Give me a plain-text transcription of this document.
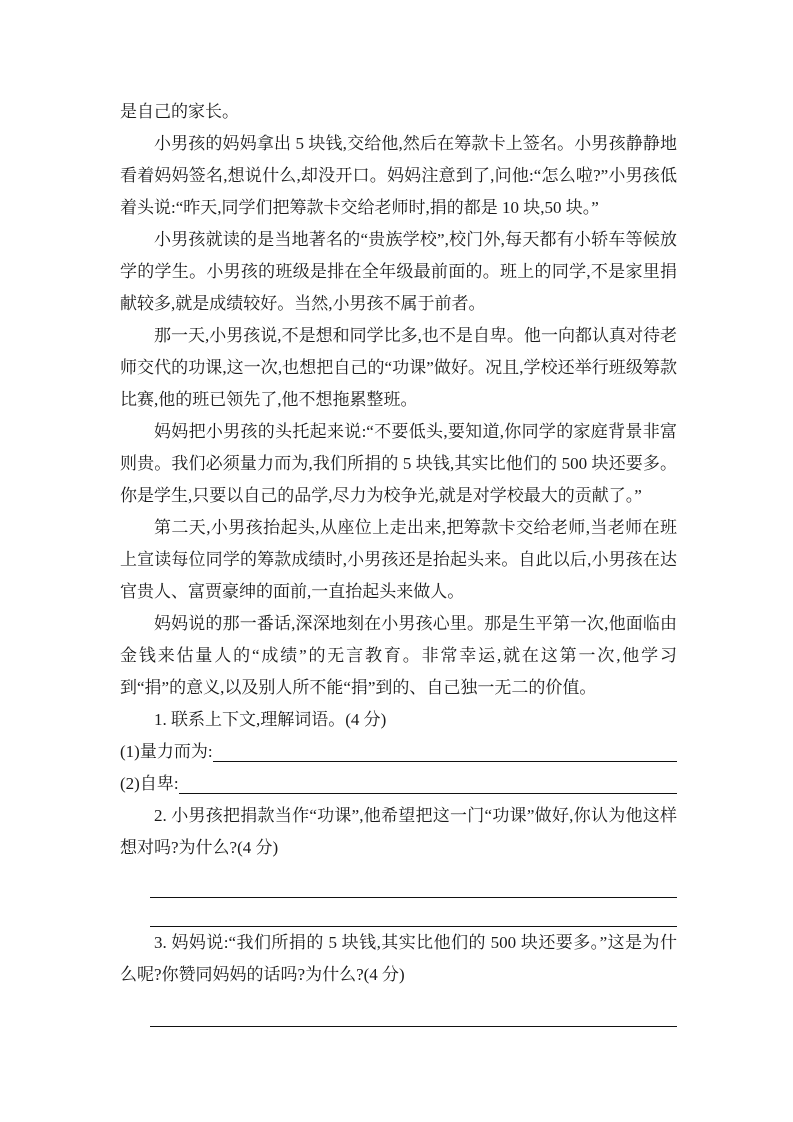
是自己的家长。

小男孩的妈妈拿出 5 块钱,交给他,然后在筹款卡上签名。小男孩静静地看着妈妈签名,想说什么,却没开口。妈妈注意到了,问他:“怎么啦?”小男孩低着头说:“昨天,同学们把筹款卡交给老师时,捐的都是 10 块,50 块。”

小男孩就读的是当地著名的“贵族学校”,校门外,每天都有小轿车等候放学的学生。小男孩的班级是排在全年级最前面的。班上的同学,不是家里捐献较多,就是成绩较好。当然,小男孩不属于前者。

那一天,小男孩说,不是想和同学比多,也不是自卑。他一向都认真对待老师交代的功课,这一次,也想把自己的“功课”做好。况且,学校还举行班级筹款比赛,他的班已领先了,他不想拖累整班。

妈妈把小男孩的头托起来说:“不要低头,要知道,你同学的家庭背景非富则贵。我们必须量力而为,我们所捐的 5 块钱,其实比他们的 500 块还要多。你是学生,只要以自己的品学,尽力为校争光,就是对学校最大的贡献了。”

第二天,小男孩抬起头,从座位上走出来,把筹款卡交给老师,当老师在班上宣读每位同学的筹款成绩时,小男孩还是抬起头来。自此以后,小男孩在达官贵人、富贾豪绅的面前,一直抬起头来做人。

妈妈说的那一番话,深深地刻在小男孩心里。那是生平第一次,他面临由金钱来估量人的“成绩”的无言教育。非常幸运,就在这第一次,他学习到“捐”的意义,以及别人所不能“捐”到的、自己独一无二的价值。

1. 联系上下文,理解词语。(4 分)

(1)量力而为:
(2)自卑:

2. 小男孩把捐款当作“功课”,他希望把这一门“功课”做好,你认为他这样想对吗?为什么?(4 分)

3. 妈妈说:“我们所捐的 5 块钱,其实比他们的 500 块还要多。”这是为什么呢?你赞同妈妈的话吗?为什么?(4 分)
